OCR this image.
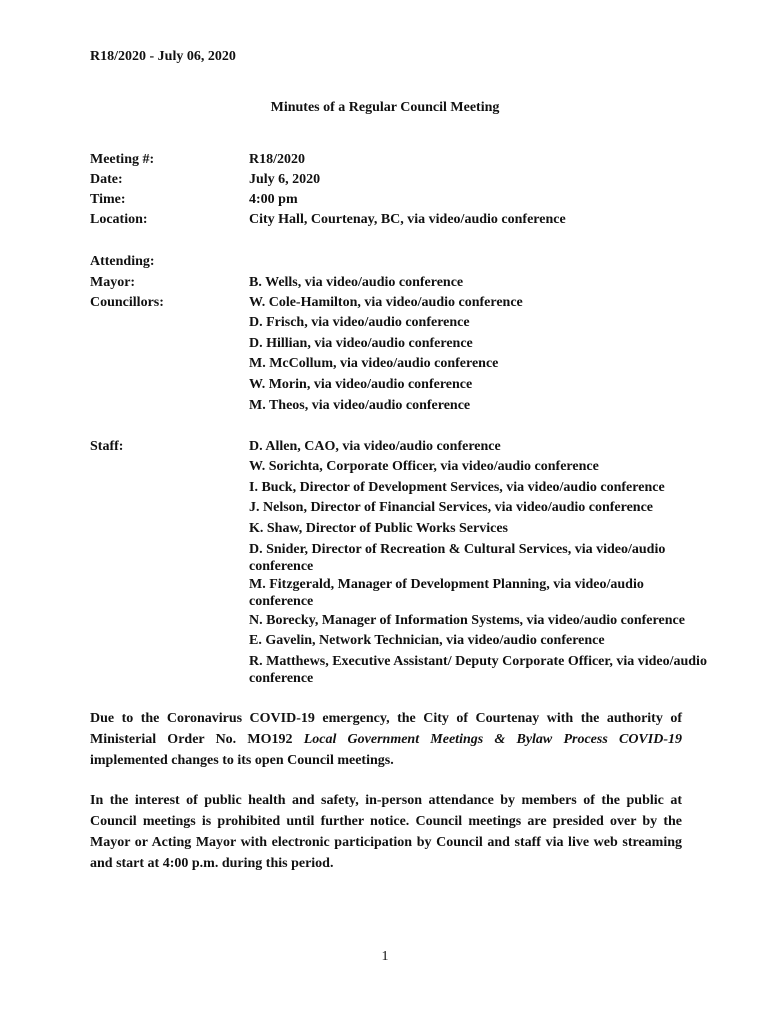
R18/2020 - July 06, 2020
Minutes of a Regular Council Meeting
Meeting #:	R18/2020
Date:	July 6, 2020
Time:	4:00 pm
Location:	City Hall, Courtenay, BC, via video/audio conference
Attending:
Mayor:	B. Wells, via video/audio conference
Councillors:	W. Cole-Hamilton, via video/audio conference
D. Frisch, via video/audio conference
D. Hillian, via video/audio conference
M. McCollum, via video/audio conference
W. Morin, via video/audio conference
M. Theos, via video/audio conference
Staff:	D. Allen, CAO, via video/audio conference
W. Sorichta, Corporate Officer, via video/audio conference
I. Buck, Director of Development Services, via video/audio conference
J. Nelson, Director of Financial Services, via video/audio conference
K. Shaw, Director of Public Works Services
D. Snider, Director of Recreation & Cultural Services, via video/audio conference
M. Fitzgerald, Manager of Development Planning, via video/audio conference
N. Borecky, Manager of Information Systems, via video/audio conference
E. Gavelin, Network Technician, via video/audio conference
R. Matthews, Executive Assistant/ Deputy Corporate Officer, via video/audio conference
Due to the Coronavirus COVID-19 emergency, the City of Courtenay with the authority of Ministerial Order No. MO192 Local Government Meetings & Bylaw Process COVID-19 implemented changes to its open Council meetings.
In the interest of public health and safety, in-person attendance by members of the public at Council meetings is prohibited until further notice. Council meetings are presided over by the Mayor or Acting Mayor with electronic participation by Council and staff via live web streaming and start at 4:00 p.m. during this period.
1
